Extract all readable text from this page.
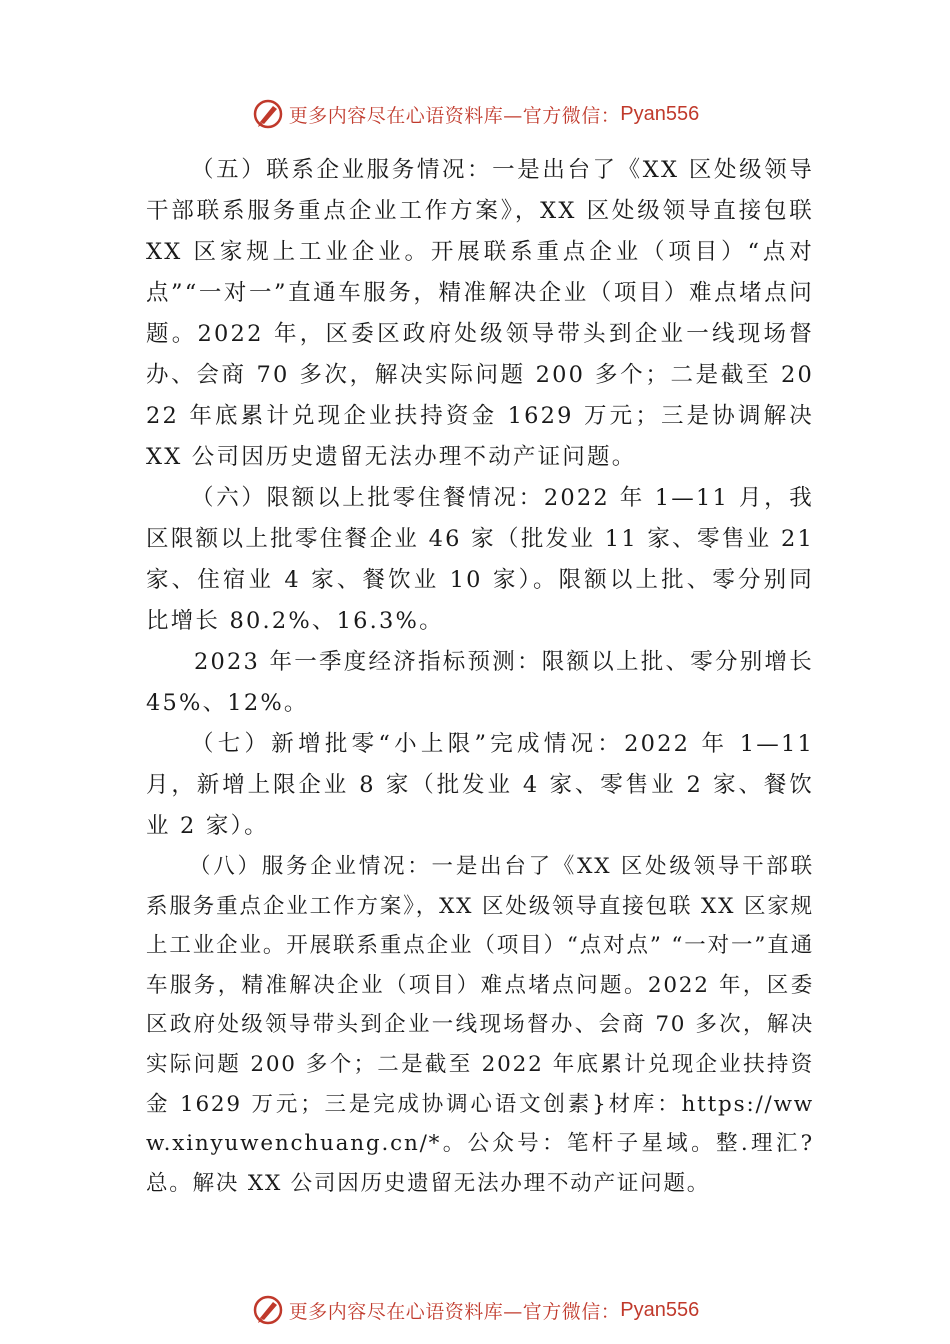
更多内容尽在心语资料库—官方微信： Pyan556

（五）联系企业服务情况：一是出台了《XX 区处级领导干部联系服务重点企业工作方案》，XX 区处级领导直接包联 XX 区家规上工业企业。开展联系重点企业（项目）“点对点”“一对一”直通车服务，精准解决企业（项目）难点堵点问题。2022 年，区委区政府处级领导带头到企业一线现场督办、会商 70 多次，解决实际问题 200 多个；二是截至 2022 年底累计兑现企业扶持资金 1629 万元；三是协调解决 XX 公司因历史遗留无法办理不动产证问题。

（六）限额以上批零住餐情况：2022 年 1—11 月，我区限额以上批零住餐企业 46 家（批发业 11 家、零售业 21 家、住宿业 4 家、餐饮业 10 家）。限额以上批、零分别同比增长 80.2%、16.3%。

2023 年一季度经济指标预测：限额以上批、零分别增长 45%、12%。

（七）新增批零“小上限”完成情况：2022 年 1—11 月，新增上限企业 8 家（批发业 4 家、零售业 2 家、餐饮业 2 家）。

（八）服务企业情况：一是出台了《XX 区处级领导干部联系服务重点企业工作方案》，XX 区处级领导直接包联 XX 区家规上工业企业。开展联系重点企业（项目）“点对点” “一对一”直通车服务，精准解决企业（项目）难点堵点问题。2022 年，区委区政府处级领导带头到企业一线现场督办、会商 70 多次，解决实际问题 200 多个；二是截至 2022 年底累计兑现企业扶持资金 1629 万元；三是完成协调心语文创素}材库：https://www.xinyuwenchuang.cn/*。公众号：笔杆子星域。整.理汇?总。解决 XX 公司因历史遗留无法办理不动产证问题。

更多内容尽在心语资料库—官方微信： Pyan556
